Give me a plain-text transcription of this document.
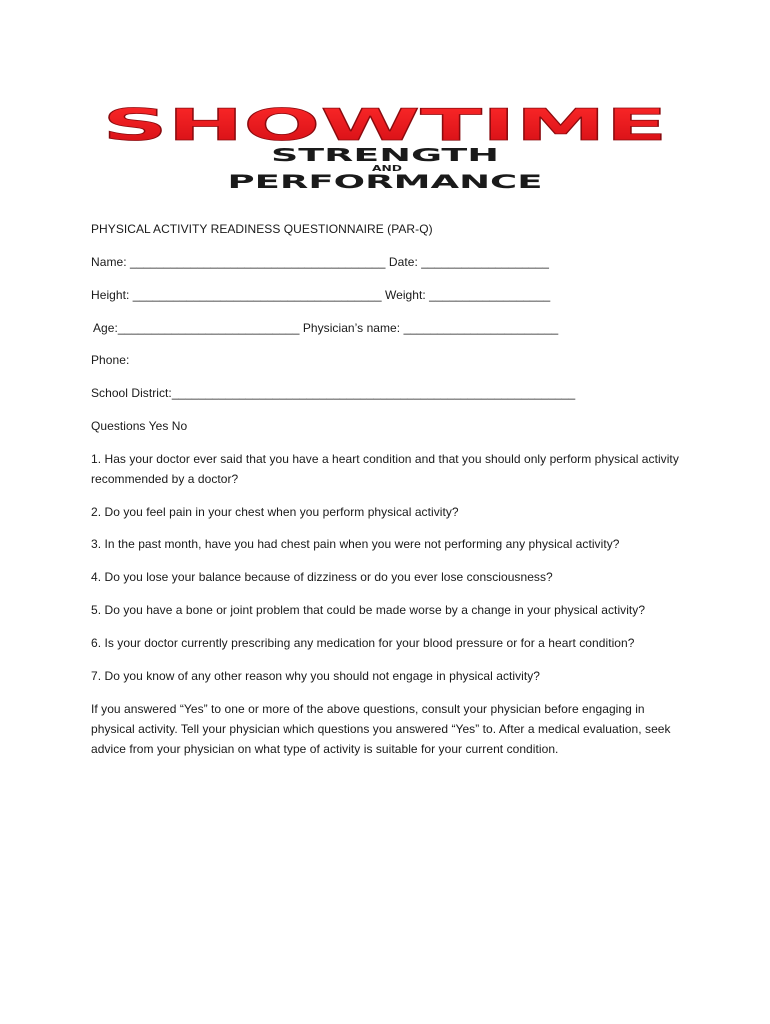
SHOWTIME
STRENGTH
AND
PERFORMANCE
PHYSICAL ACTIVITY READINESS QUESTIONNAIRE (PAR-Q)
Name: ______________________________________ Date: ___________________
Height: _____________________________________ Weight: __________________
Age:___________________________ Physician’s name: _______________________
Phone:
School District:____________________________________________________________
Questions Yes No
1. Has your doctor ever said that you have a heart condition and that you should only perform physical activity recommended by a doctor?
2. Do you feel pain in your chest when you perform physical activity?
3. In the past month, have you had chest pain when you were not performing any physical activity?
4. Do you lose your balance because of dizziness or do you ever lose consciousness?
5. Do you have a bone or joint problem that could be made worse by a change in your physical activity?
6. Is your doctor currently prescribing any medication for your blood pressure or for a heart condition?
7. Do you know of any other reason why you should not engage in physical activity?
If you answered “Yes” to one or more of the above questions, consult your physician before engaging in physical activity. Tell your physician which questions you answered “Yes” to. After a medical evaluation, seek advice from your physician on what type of activity is suitable for your current condition.
